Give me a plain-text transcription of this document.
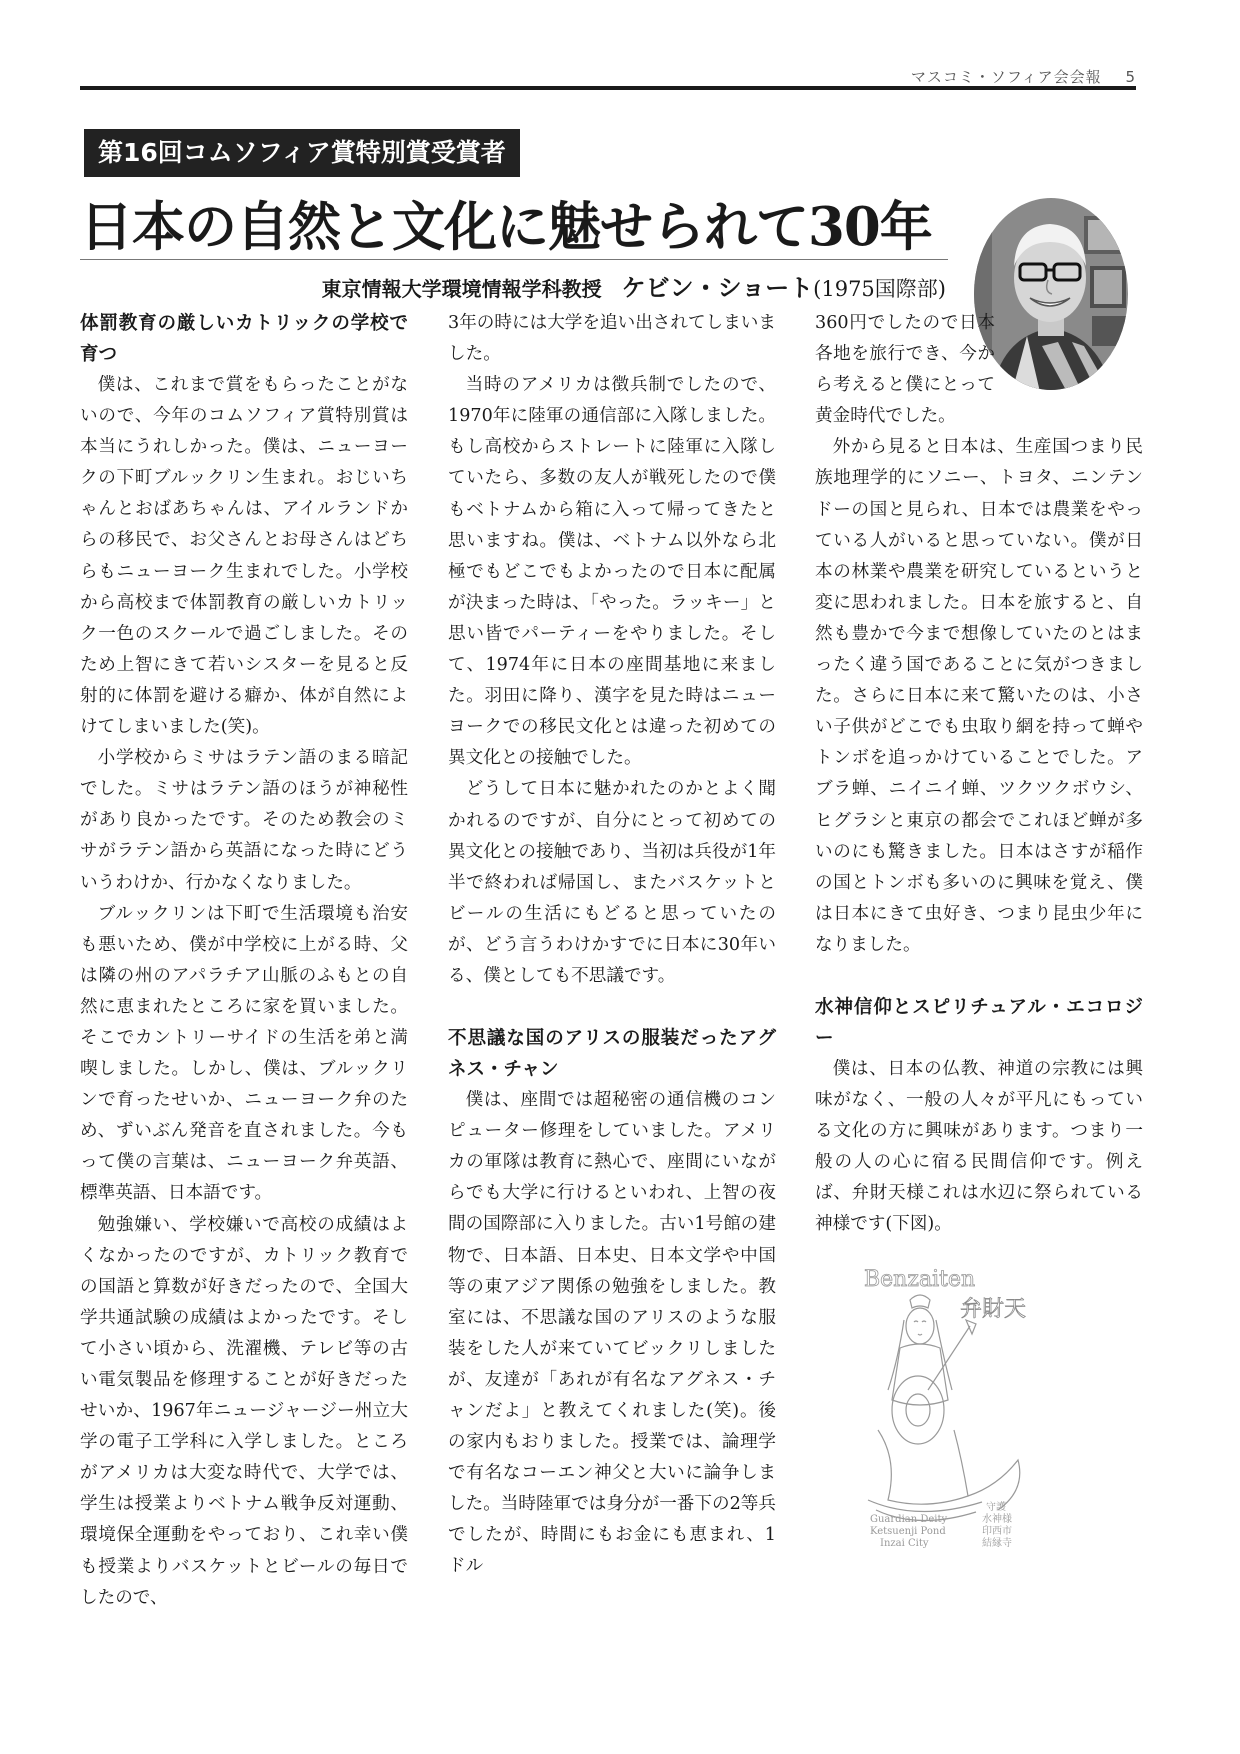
マスコミ・ソフィア会会報 5
第16回コムソフィア賞特別賞受賞者
日本の自然と文化に魅せられて30年
東京情報大学環境情報学科教授 ケビン・ショート(1975国際部)
体罰教育の厳しいカトリックの学校で育つ

僕は、これまで賞をもらったことがないので、今年のコムソフィア賞特別賞は本当にうれしかった。僕は、ニューヨークの下町ブルックリン生まれ。おじいちゃんとおばあちゃんは、アイルランドからの移民で、お父さんとお母さんはどちらもニューヨーク生まれでした。小学校から高校まで体罰教育の厳しいカトリック一色のスクールで過ごしました。そのため上智にきて若いシスターを見ると反射的に体罰を避ける癖か、体が自然によけてしまいました(笑)。

小学校からミサはラテン語のまる暗記でした。ミサはラテン語のほうが神秘性があり良かったです。そのため教会のミサがラテン語から英語になった時にどういうわけか、行かなくなりました。

ブルックリンは下町で生活環境も治安も悪いため、僕が中学校に上がる時、父は隣の州のアパラチア山脈のふもとの自然に恵まれたところに家を買いました。そこでカントリーサイドの生活を弟と満喫しました。しかし、僕は、ブルックリンで育ったせいか、ニューヨーク弁のため、ずいぶん発音を直されました。今もって僕の言葉は、ニューヨーク弁英語、標準英語、日本語です。

勉強嫌い、学校嫌いで高校の成績はよくなかったのですが、カトリック教育での国語と算数が好きだったので、全国大学共通試験の成績はよかったです。そして小さい頃から、洗濯機、テレビ等の古い電気製品を修理することが好きだったせいか、1967年ニュージャージー州立大学の電子工学科に入学しました。ところがアメリカは大変な時代で、大学では、学生は授業よりベトナム戦争反対運動、環境保全運動をやっており、これ幸い僕も授業よりバスケットとビールの毎日でしたので、

3年の時には大学を追い出されてしまいました。

当時のアメリカは徴兵制でしたので、1970年に陸軍の通信部に入隊しました。もし高校からストレートに陸軍に入隊していたら、多数の友人が戦死したので僕もベトナムから箱に入って帰ってきたと思いますね。僕は、ベトナム以外なら北極でもどこでもよかったので日本に配属が決まった時は、「やった。ラッキー」と思い皆でパーティーをやりました。そして、1974年に日本の座間基地に来ました。羽田に降り、漢字を見た時はニューヨークでの移民文化とは違った初めての異文化との接触でした。

どうして日本に魅かれたのかとよく聞かれるのですが、自分にとって初めての異文化との接触であり、当初は兵役が1年半で終われば帰国し、またバスケットとビールの生活にもどると思っていたのが、どう言うわけかすでに日本に30年いる、僕としても不思議です。

不思議な国のアリスの服装だったアグネス・チャン

僕は、座間では超秘密の通信機のコンピューター修理をしていました。アメリカの軍隊は教育に熱心で、座間にいながらでも大学に行けるといわれ、上智の夜間の国際部に入りました。古い1号館の建物で、日本語、日本史、日本文学や中国等の東アジア関係の勉強をしました。教室には、不思議な国のアリスのような服装をした人が来ていてビックリしましたが、友達が「あれが有名なアグネス・チャンだよ」と教えてくれました(笑)。後の家内もおりました。授業では、論理学で有名なコーエン神父と大いに論争しました。当時陸軍では身分が一番下の2等兵でしたが、時間にもお金にも恵まれ、1ドル

360円でしたので日本各地を旅行でき、今から考えると僕にとって黄金時代でした。

外から見ると日本は、生産国つまり民族地理学的にソニー、トヨタ、ニンテンドーの国と見られ、日本では農業をやっている人がいると思っていない。僕が日本の林業や農業を研究しているというと変に思われました。日本を旅すると、自然も豊かで今まで想像していたのとはまったく違う国であることに気がつきました。さらに日本に来て驚いたのは、小さい子供がどこでも虫取り網を持って蝉やトンボを追っかけていることでした。アブラ蝉、ニイニイ蝉、ツクツクボウシ、ヒグラシと東京の都会でこれほど蝉が多いのにも驚きました。日本はさすが稲作の国とトンボも多いのに興味を覚え、僕は日本にきて虫好き、つまり昆虫少年になりました。

水神信仰とスピリチュアル・エコロジー

僕は、日本の仏教、神道の宗教には興味がなく、一般の人々が平凡にもっている文化の方に興味があります。つまり一般の人の心に宿る民間信仰です。例えば、弁財天様これは水辺に祭られている神様です(下図)。

Benzaiten
弁財天
Guardian Deity
Ketsuenji Pond
Inzai City
守護
水神様
印西市
結縁寺
